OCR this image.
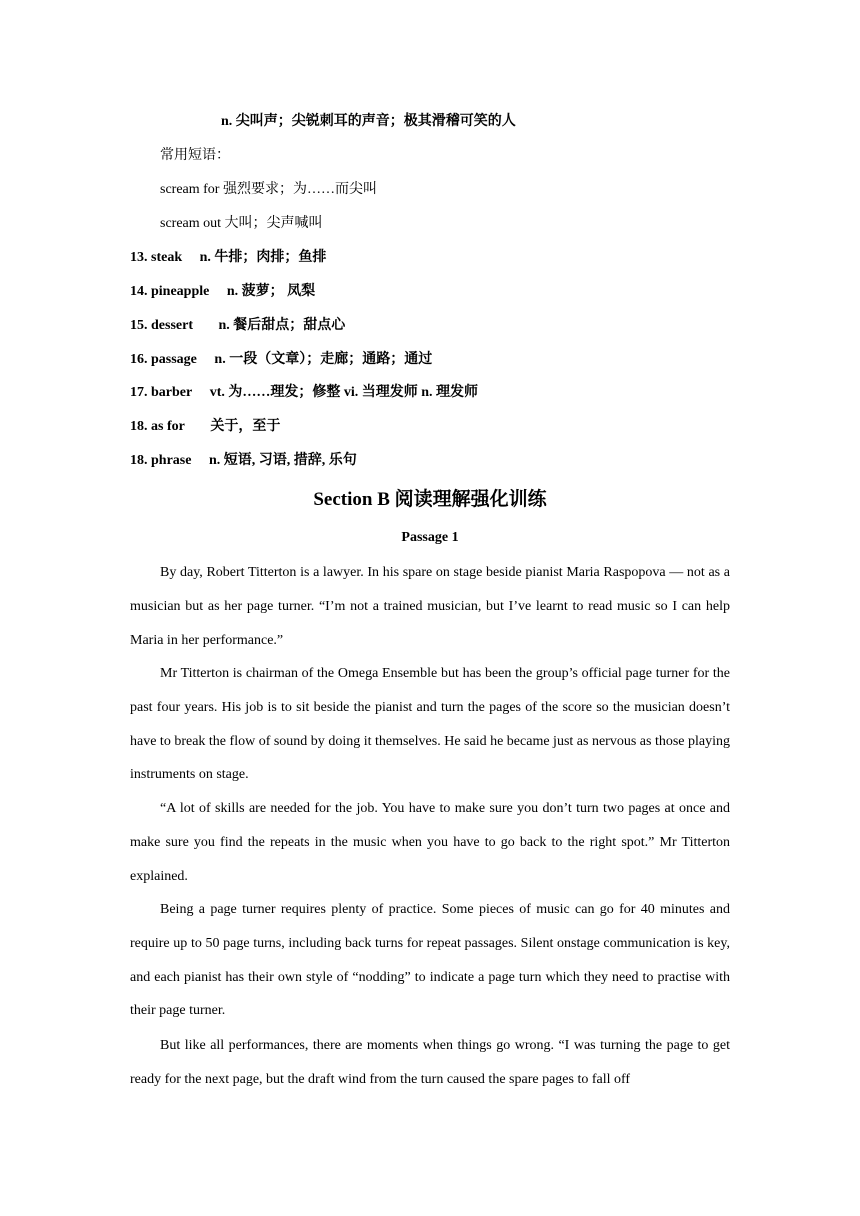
n. 尖叫声；尖锐刺耳的声音；极其滑稽可笑的人
常用短语：
scream for 强烈要求；为……而尖叫
scream out 大叫；尖声喊叫
13. steak n. 牛排；肉排；鱼排
14. pineapple n. 菠萝； 凤梨
15. dessert n. 餐后甜点；甜点心
16. passage n. 一段（文章）；走廊；通路；通过
17. barber vt. 为……理发；修整 vi. 当理发师 n. 理发师
18. as for 关于，至于
18. phrase n. 短语, 习语, 措辞, 乐句
Section B 阅读理解强化训练
Passage 1
By day, Robert Titterton is a lawyer. In his spare on stage beside pianist Maria Raspopova — not as a musician but as her page turner. “I’m not a trained musician, but I’ve learnt to read music so I can help Maria in her performance.”
Mr Titterton is chairman of the Omega Ensemble but has been the group’s official page turner for the past four years. His job is to sit beside the pianist and turn the pages of the score so the musician doesn’t have to break the flow of sound by doing it themselves. He said he became just as nervous as those playing instruments on stage.
“A lot of skills are needed for the job. You have to make sure you don’t turn two pages at once and make sure you find the repeats in the music when you have to go back to the right spot.” Mr Titterton explained.
Being a page turner requires plenty of practice. Some pieces of music can go for 40 minutes and require up to 50 page turns, including back turns for repeat passages. Silent onstage communication is key, and each pianist has their own style of “nodding” to indicate a page turn which they need to practise with their page turner.
But like all performances, there are moments when things go wrong. “I was turning the page to get ready for the next page, but the draft wind from the turn caused the spare pages to fall off
